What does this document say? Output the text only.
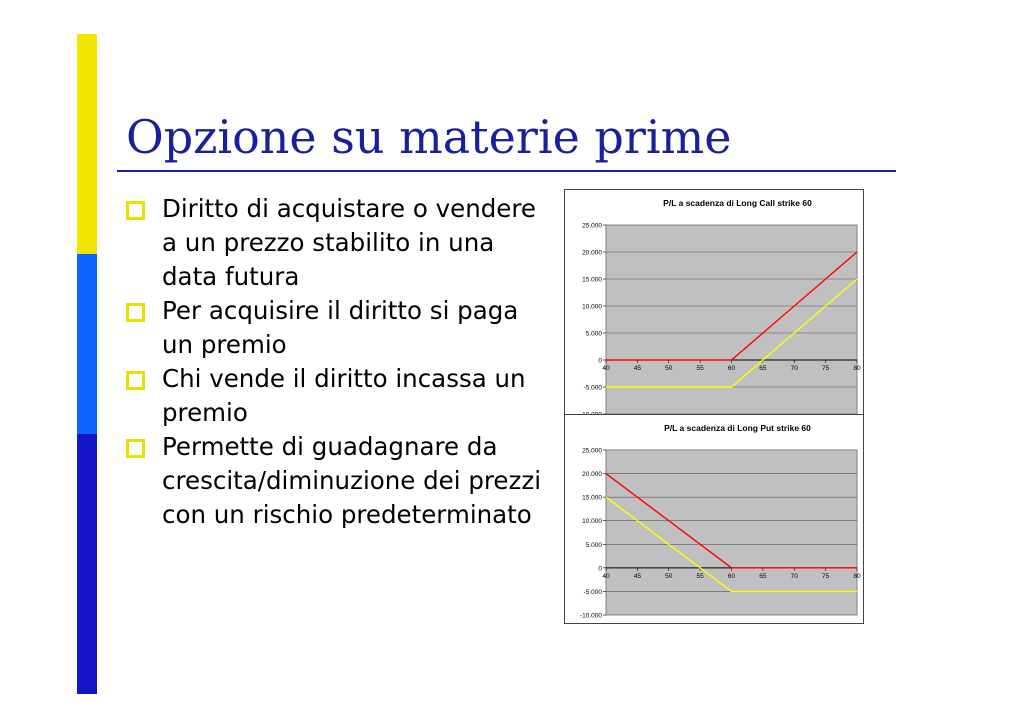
Opzione su materie prime
Diritto di acquistare o vendere a un prezzo stabilito in una data futura
Per acquisire il diritto si paga un premio
Chi vende il diritto incassa un premio
Permette di guadagnare da crescita/diminuzione dei prezzi con un rischio predeterminato
P/L a scadenza di Long Call strike 60
-5.000
0
5.000
10.000
15.000
20.000
25.000
40	45	50	55	60	65	70	75	80
P/L a scadenza di Long Put strike 60
-10.000
-5.000
0
5.000
10.000
15.000
20.000
25.000
40	45	50	55	60	65	70	75	80
